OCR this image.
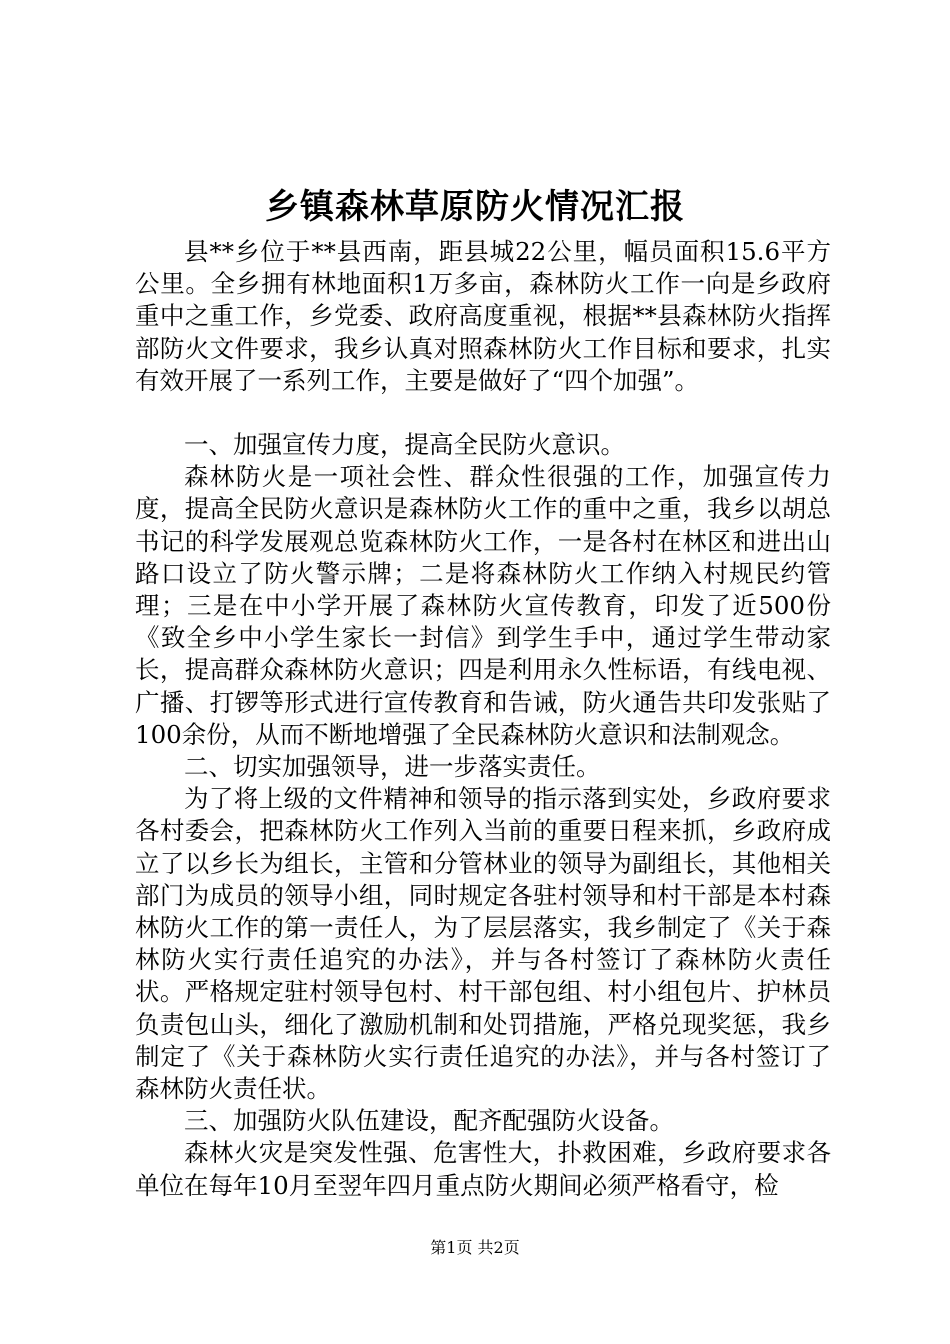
乡镇森林草原防火情况汇报

县**乡位于**县西南，距县城22公里，幅员面积15.6平方公里。全乡拥有林地面积1万多亩，森林防火工作一向是乡政府重中之重工作，乡党委、政府高度重视，根据**县森林防火指挥部防火文件要求，我乡认真对照森林防火工作目标和要求，扎实有效开展了一系列工作，主要是做好了“四个加强”。

一、加强宣传力度，提高全民防火意识。

森林防火是一项社会性、群众性很强的工作，加强宣传力度，提高全民防火意识是森林防火工作的重中之重，我乡以胡总书记的科学发展观总览森林防火工作，一是各村在林区和进出山路口设立了防火警示牌；二是将森林防火工作纳入村规民约管理；三是在中小学开展了森林防火宣传教育，印发了近500份《致全乡中小学生家长一封信》到学生手中，通过学生带动家长，提高群众森林防火意识；四是利用永久性标语，有线电视、广播、打锣等形式进行宣传教育和告诫，防火通告共印发张贴了100余份，从而不断地增强了全民森林防火意识和法制观念。

二、切实加强领导，进一步落实责任。

为了将上级的文件精神和领导的指示落到实处，乡政府要求各村委会，把森林防火工作列入当前的重要日程来抓，乡政府成立了以乡长为组长，主管和分管林业的领导为副组长，其他相关部门为成员的领导小组，同时规定各驻村领导和村干部是本村森林防火工作的第一责任人，为了层层落实，我乡制定了《关于森林防火实行责任追究的办法》，并与各村签订了森林防火责任状。严格规定驻村领导包村、村干部包组、村小组包片、护林员负责包山头，细化了激励机制和处罚措施，严格兑现奖惩，我乡制定了《关于森林防火实行责任追究的办法》，并与各村签订了森林防火责任状。

三、加强防火队伍建设，配齐配强防火设备。

森林火灾是突发性强、危害性大，扑救困难，乡政府要求各单位在每年10月至翌年四月重点防火期间必须严格看守，检

第1页 共2页
